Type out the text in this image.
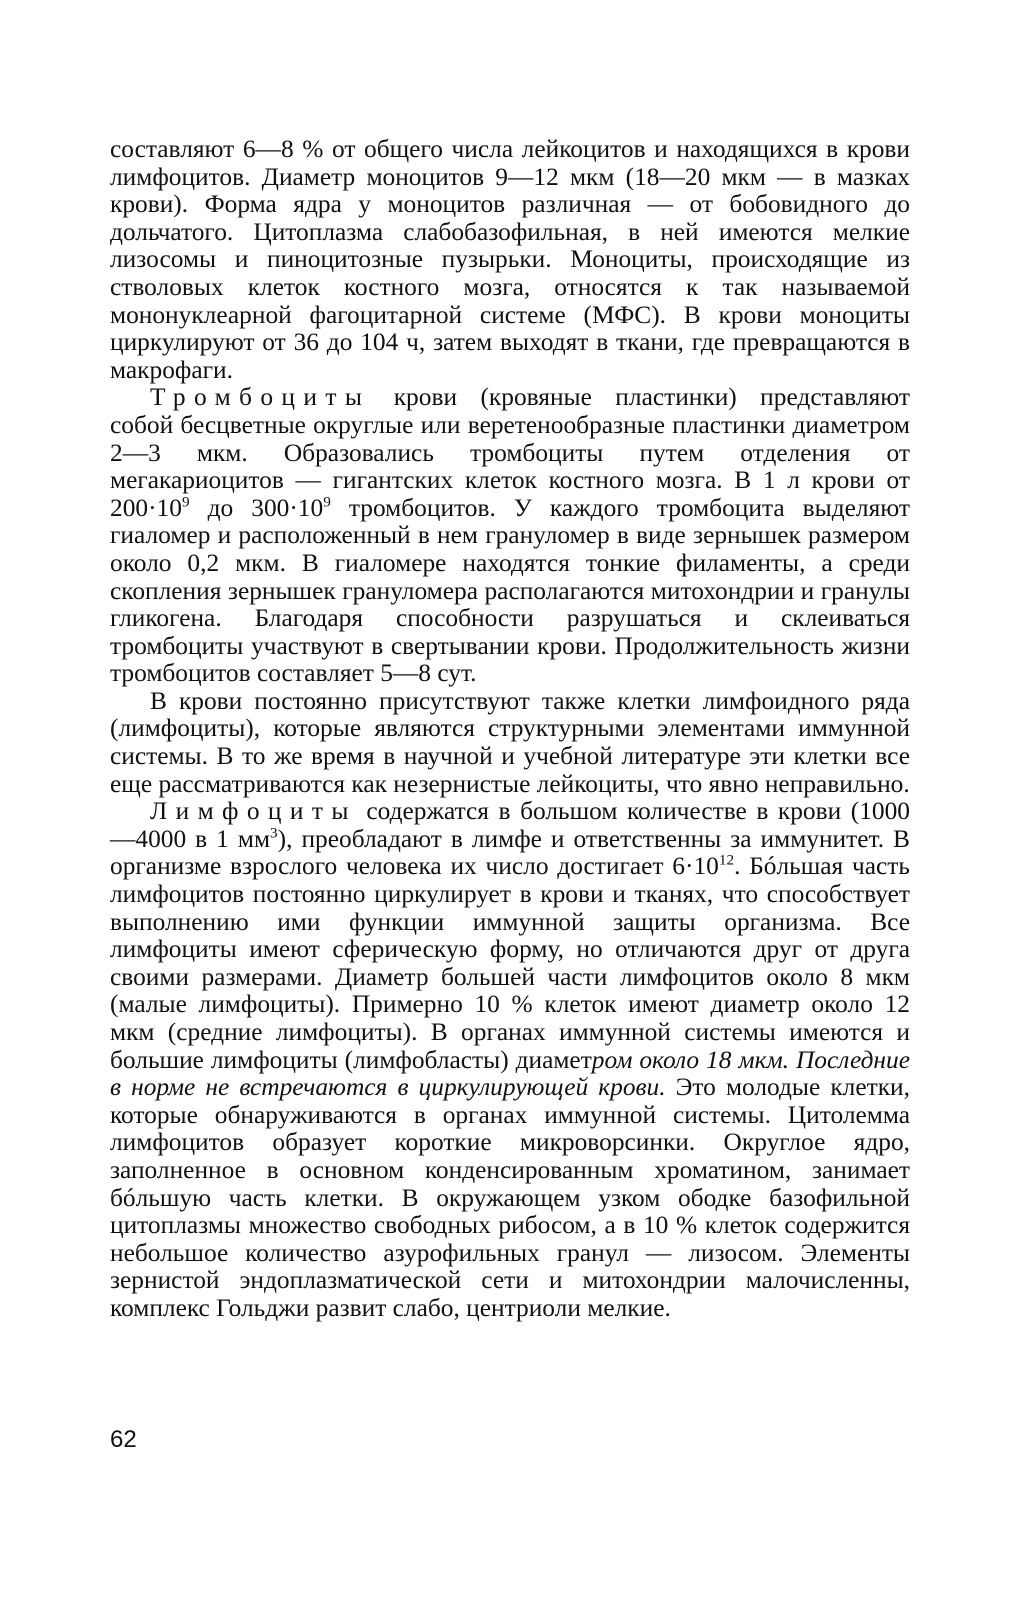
составляют 6—8 % от общего числа лейкоцитов и находящихся в крови лимфоцитов. Диаметр моноцитов 9—12 мкм (18—20 мкм — в мазках крови). Форма ядра у моноцитов различная — от бобовидного до дольчатого. Цитоплазма слабобазофильная, в ней имеются мелкие лизосомы и пиноцитозные пузырьки. Моноциты, происходящие из стволовых клеток костного мозга, относятся к так называемой мононуклеарной фагоцитарной системе (МФС). В крови моноциты циркулируют от 36 до 104 ч, затем выходят в ткани, где превращаются в макрофаги.

Тромбоциты крови (кровяные пластинки) представляют собой бесцветные округлые или веретенообразные пластинки диаметром 2—3 мкм. Образовались тромбоциты путем отделения от мегакариоцитов — гигантских клеток костного мозга. В 1 л крови от $200\cdot 10^9$ до $300\cdot 10^9$ тромбоцитов. У каждого тромбоцита выделяют гиаломер и расположенный в нем грануломер в виде зернышек размером около 0,2 мкм. В гиаломере находятся тонкие филаменты, а среди скопления зернышек грануломера располагаются митохондрии и гранулы гликогена. Благодаря способности разрушаться и склеиваться тромбоциты участвуют в свертывании крови. Продолжительность жизни тромбоцитов составляет 5—8 сут.

В крови постоянно присутствуют также клетки лимфоидного ряда (лимфоциты), которые являются структурными элементами иммунной системы. В то же время в научной и учебной литературе эти клетки все еще рассматриваются как незернистые лейкоциты, что явно неправильно.

Лимфоциты содержатся в большом количестве в крови (1000—4000 в 1 $мм^3$), преобладают в лимфе и ответственны за иммунитет. В организме взрослого человека их число достигает $6\cdot 10^{12}$. Бóльшая часть лимфоцитов постоянно циркулирует в крови и тканях, что способствует выполнению ими функции иммунной защиты организма. Все лимфоциты имеют сферическую форму, но отличаются друг от друга своими размерами. Диаметр большей части лимфоцитов около 8 мкм (малые лимфоциты). Примерно 10 % клеток имеют диаметр около 12 мкм (средние лимфоциты). В органах иммунной системы имеются и большие лимфоциты (лимфобласты) диаметром около 18 мкм. Последние в норме не встречаются в циркулирующей крови. Это молодые клетки, которые обнаруживаются в органах иммунной системы. Цитолемма лимфоцитов образует короткие микроворсинки. Округлое ядро, заполненное в основном конденсированным хроматином, занимает бóльшую часть клетки. В окружающем узком ободке базофильной цитоплазмы множество свободных рибосом, а в 10 % клеток содержится небольшое количество азурофильных гранул — лизосом. Элементы зернистой эндоплазматической сети и митохондрии малочисленны, комплекс Гольджи развит слабо, центриоли мелкие.

62
